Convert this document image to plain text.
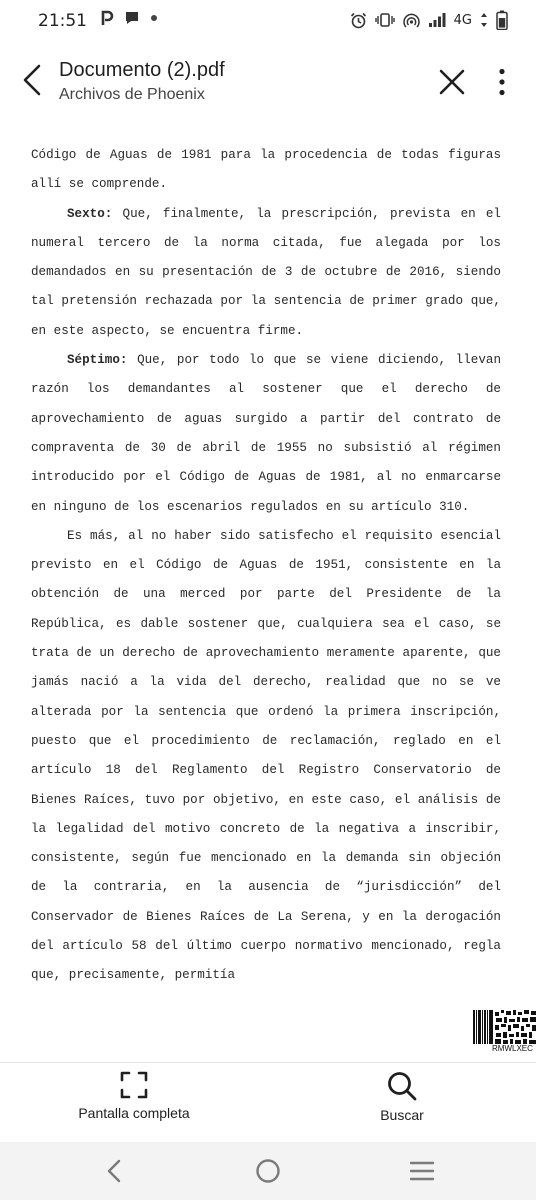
21:51	4G
Documento (2).pdf
Archivos de Phoenix

Código de Aguas de 1981 para la procedencia de todas figuras allí se comprende.

Sexto: Que, finalmente, la prescripción, prevista en el numeral tercero de la norma citada, fue alegada por los demandados en su presentación de 3 de octubre de 2016, siendo tal pretensión rechazada por la sentencia de primer grado que, en este aspecto, se encuentra firme.

Séptimo: Que, por todo lo que se viene diciendo, llevan razón los demandantes al sostener que el derecho de aprovechamiento de aguas surgido a partir del contrato de compraventa de 30 de abril de 1955 no subsistió al régimen introducido por el Código de Aguas de 1981, al no enmarcarse en ninguno de los escenarios regulados en su artículo 310.

Es más, al no haber sido satisfecho el requisito esencial previsto en el Código de Aguas de 1951, consistente en la obtención de una merced por parte del Presidente de la República, es dable sostener que, cualquiera sea el caso, se trata de un derecho de aprovechamiento meramente aparente, que jamás nació a la vida del derecho, realidad que no se ve alterada por la sentencia que ordenó la primera inscripción, puesto que el procedimiento de reclamación, reglado en el artículo 18 del Reglamento del Registro Conservatorio de Bienes Raíces, tuvo por objetivo, en este caso, el análisis de la legalidad del motivo concreto de la negativa a inscribir, consistente, según fue mencionado en la demanda sin objeción de la contraria, en la ausencia de “jurisdicción” del Conservador de Bienes Raíces de La Serena, y en la derogación del artículo 58 del último cuerpo normativo mencionado, regla que, precisamente, permitía

RMWLXEC
Pantalla completa	Buscar
